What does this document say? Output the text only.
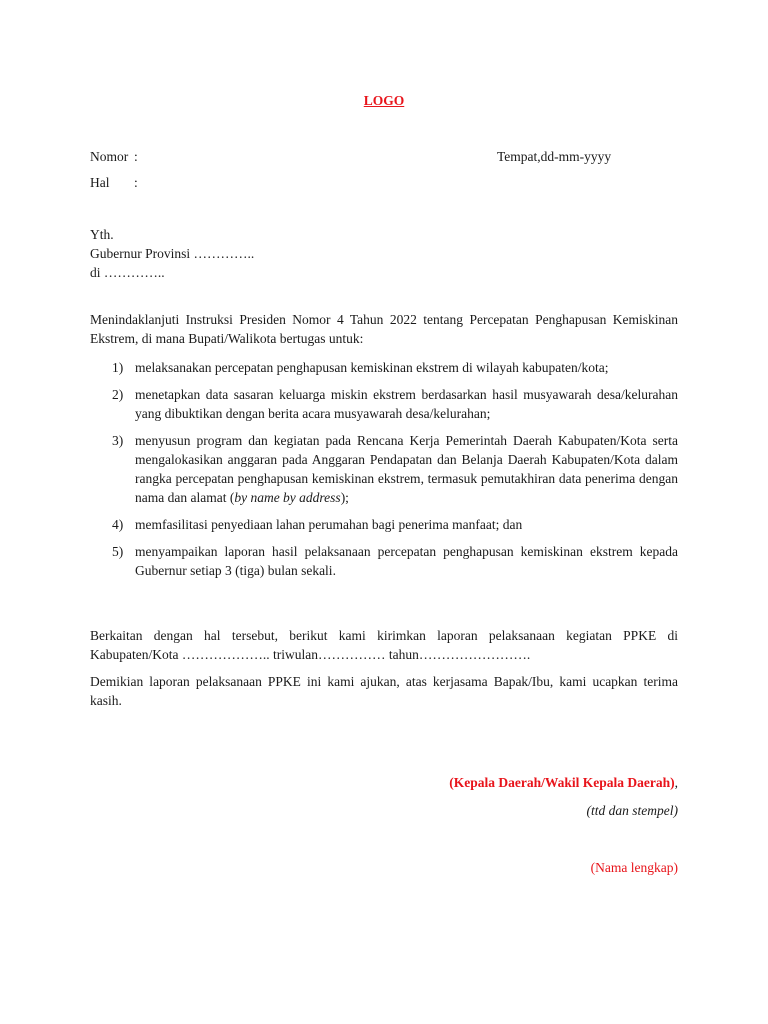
LOGO
Nomor :
Hal :
Tempat,dd-mm-yyyy
Yth.
Gubernur Provinsi …………..
di …………..
Menindaklanjuti Instruksi Presiden Nomor 4 Tahun 2022 tentang Percepatan Penghapusan Kemiskinan Ekstrem, di mana Bupati/Walikota bertugas untuk:
1) melaksanakan percepatan penghapusan kemiskinan ekstrem di wilayah kabupaten/kota;
2) menetapkan data sasaran keluarga miskin ekstrem berdasarkan hasil musyawarah desa/kelurahan yang dibuktikan dengan berita acara musyawarah desa/kelurahan;
3) menyusun program dan kegiatan pada Rencana Kerja Pemerintah Daerah Kabupaten/Kota serta mengalokasikan anggaran pada Anggaran Pendapatan dan Belanja Daerah Kabupaten/Kota dalam rangka percepatan penghapusan kemiskinan ekstrem, termasuk pemutakhiran data penerima dengan nama dan alamat (by name by address);
4) memfasilitasi penyediaan lahan perumahan bagi penerima manfaat; dan
5) menyampaikan laporan hasil pelaksanaan percepatan penghapusan kemiskinan ekstrem kepada Gubernur setiap 3 (tiga) bulan sekali.
Berkaitan dengan hal tersebut, berikut kami kirimkan laporan pelaksanaan kegiatan PPKE di Kabupaten/Kota ……………….. triwulan…………… tahun…………………….
Demikian laporan pelaksanaan PPKE ini kami ajukan, atas kerjasama Bapak/Ibu, kami ucapkan terima kasih.
(Kepala Daerah/Wakil Kepala Daerah),
(ttd dan stempel)
(Nama lengkap)
